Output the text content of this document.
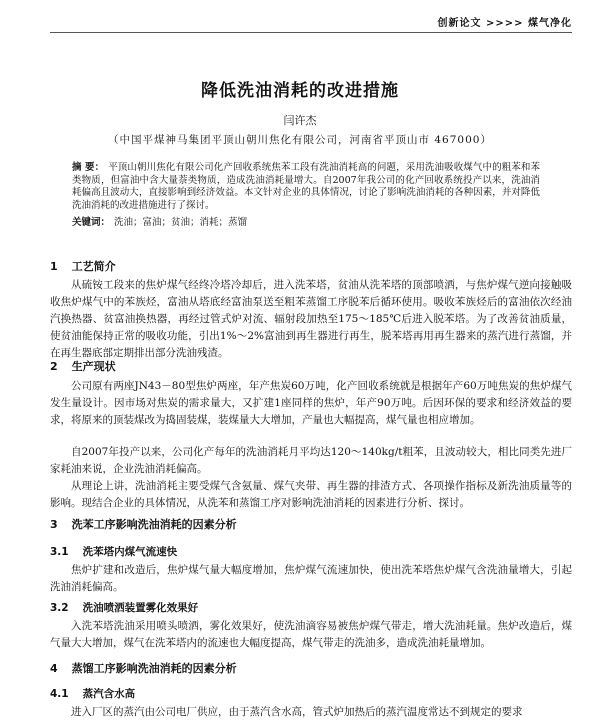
创新论文 >>>> 煤气净化
降低洗油消耗的改进措施
闫许杰
（中国平煤神马集团平顶山朝川焦化有限公司，河南省平顶山市 467000）
摘 要： 平顶山朝川焦化有限公司化产回收系统焦苯工段有洗油消耗高的问题，采用洗油吸收煤气中的粗苯和苯类物质，但富油中含大量萘类物质，造成洗油消耗量增大。自2007年我公司的化产回收系统投产以来，洗油消耗偏高且波动大，直接影响到经济效益。本文针对企业的具体情况，讨论了影响洗油消耗的各种因素，并对降低洗油消耗的改进措施进行了探讨。
关键词： 洗油；富油；贫油；消耗；蒸馏
1 工艺简介
从硫铵工段来的焦炉煤气经终冷塔冷却后，进入洗苯塔，贫油从洗苯塔的顶部喷洒，与焦炉煤气逆向接触吸收焦炉煤气中的苯族烃，富油从塔底经富油泵送至粗苯蒸馏工序脱苯后循环使用。吸收苯族烃后的富油依次经油汽换热器、贫富油换热器，再经过管式炉对流、辐射段加热至175～185℃后进入脱苯塔。为了改善贫油质量，使贫油能保持正常的吸收功能，引出1%～2%富油到再生器进行再生，脱苯塔再用再生器来的蒸汽进行蒸馏，并在再生器底部定期排出部分洗油残渣。
2 生产现状
公司原有两座JN43－80型焦炉两座，年产焦炭60万吨，化产回收系统就是根据年产60万吨焦炭的焦炉煤气发生量设计。因市场对焦炭的需求量大，又扩建1座同样的焦炉，年产90万吨。后因环保的要求和经济效益的要求，将原来的顶装煤改为捣固装煤，装煤量大大增加，产量也大幅提高，煤气量也相应增加。
自2007年投产以来，公司化产每年的洗油消耗月平均达120～140kg/t粗苯，且波动较大，相比同类先进厂家耗油来说，企业洗油消耗偏高。
从理论上讲，洗油消耗主要受煤气含氨量、煤气夹带、再生器的排渣方式、各项操作指标及新洗油质量等的影响。现结合企业的具体情况，从洗苯和蒸馏工序对影响洗油消耗的因素进行分析、探讨。
3 洗苯工序影响洗油消耗的因素分析
3.1 洗苯塔内煤气流速快
焦炉扩建和改造后，焦炉煤气量大幅度增加，焦炉煤气流速加快，使出洗苯塔焦炉煤气含洗油量增大，引起洗油消耗偏高。
3.2 洗油喷洒装置雾化效果好
入洗苯塔洗油采用喷头喷洒，雾化效果好，使洗油滴容易被焦炉煤气带走，增大洗油耗量。焦炉改造后，煤气量大大增加，煤气在洗苯塔内的流速也大幅度提高，煤气带走的洗油多，造成洗油耗量增加。
4 蒸馏工序影响洗油消耗的因素分析
4.1 蒸汽含水高
进入厂区的蒸汽由公司电厂供应，由于蒸汽含水高，管式炉加热后的蒸汽温度常达不到规定的要求
